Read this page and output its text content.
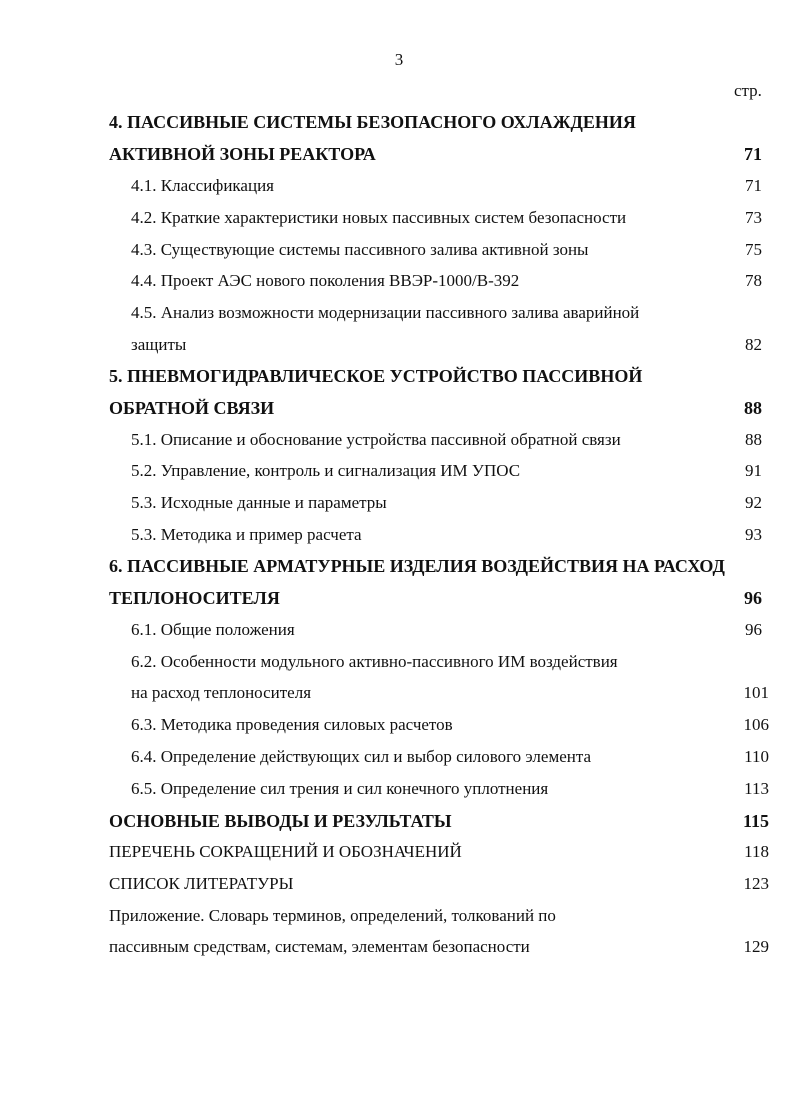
3
стр.
4. ПАССИВНЫЕ СИСТЕМЫ БЕЗОПАСНОГО ОХЛАЖДЕНИЯ
АКТИВНОЙ ЗОНЫ РЕАКТОРА	71
4.1. Классификация	71
4.2. Краткие характеристики новых пассивных систем безопасности	73
4.3. Существующие системы пассивного залива активной зоны	75
4.4. Проект АЭС нового поколения ВВЭР-1000/В-392	78
4.5. Анализ возможности модернизации пассивного залива аварийной
защиты	82
5. ПНЕВМОГИДРАВЛИЧЕСКОЕ УСТРОЙСТВО ПАССИВНОЙ
ОБРАТНОЙ СВЯЗИ	88
5.1. Описание и обоснование устройства пассивной обратной связи	88
5.2. Управление, контроль и сигнализация ИМ УПОС	91
5.3. Исходные данные и параметры	92
5.3. Методика и пример расчета	93
6. ПАССИВНЫЕ АРМАТУРНЫЕ ИЗДЕЛИЯ ВОЗДЕЙСТВИЯ НА РАСХОД
ТЕПЛОНОСИТЕЛЯ	96
6.1. Общие положения	96
6.2. Особенности модульного активно-пассивного ИМ воздействия
на расход теплоносителя	101
6.3. Методика проведения силовых расчетов	106
6.4. Определение действующих сил и выбор силового элемента	110
6.5. Определение сил трения и сил конечного уплотнения	113
ОСНОВНЫЕ ВЫВОДЫ И РЕЗУЛЬТАТЫ	115
ПЕРЕЧЕНЬ СОКРАЩЕНИЙ И ОБОЗНАЧЕНИЙ	118
СПИСОК ЛИТЕРАТУРЫ	123
Приложение. Словарь терминов, определений, толкований по
пассивным средствам, системам, элементам безопасности	129
